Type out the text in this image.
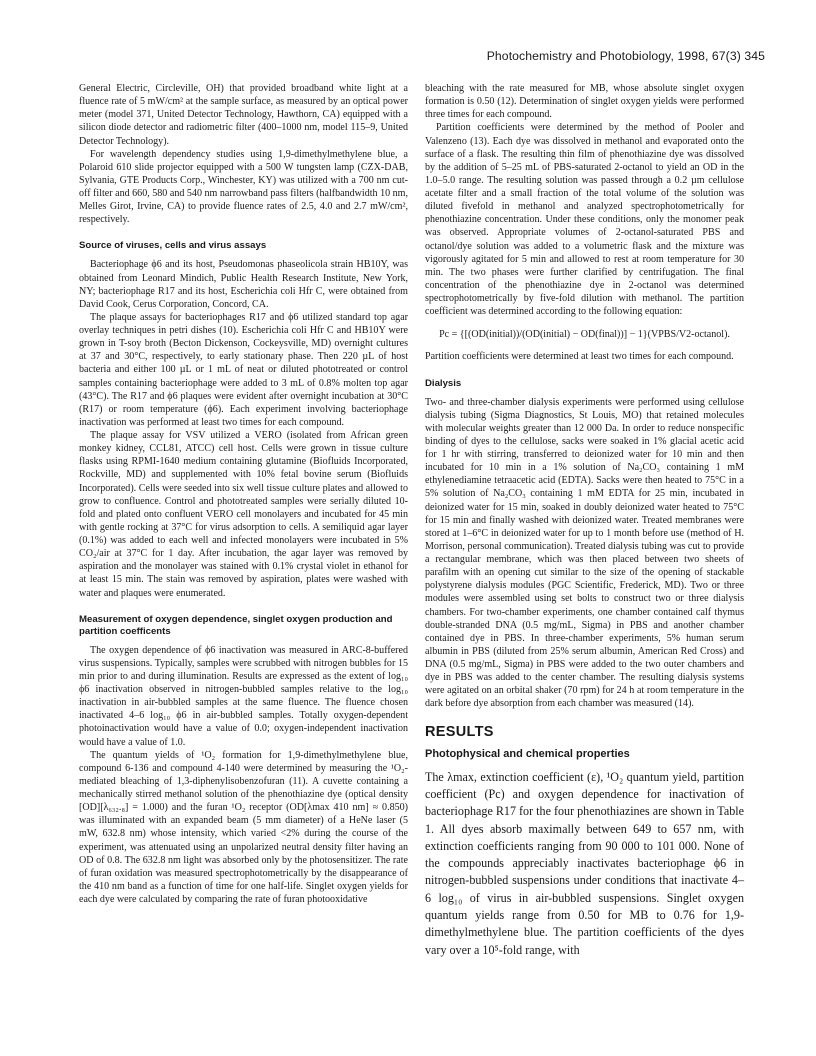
Photochemistry and Photobiology, 1998, 67(3) 345

General Electric, Circleville, OH) that provided broadband white light at a fluence rate of 5 mW/cm² at the sample surface, as measured by an optical power meter (model 371, United Detector Technology, Hawthorn, CA) equipped with a silicon diode detector and radiometric filter (400–1000 nm, model 115–9, United Detector Technology).

For wavelength dependency studies using 1,9-dimethylmethylene blue, a Polaroid 610 slide projector equipped with a 500 W tungsten lamp (CZX-DAB, Sylvania, GTE Products Corp., Winchester, KY) was utilized with a 700 nm cut-off filter and 660, 580 and 540 nm narrowband pass filters (halfbandwidth 10 nm, Melles Girot, Irvine, CA) to provide fluence rates of 2.5, 4.0 and 2.7 mW/cm², respectively.

Source of viruses, cells and virus assays

Bacteriophage ϕ6 and its host, Pseudomonas phaseolicola strain HB10Y, was obtained from Leonard Mindich, Public Health Research Institute, New York, NY; bacteriophage R17 and its host, Escherichia coli Hfr C, were obtained from David Cook, Cerus Corporation, Concord, CA.

The plaque assays for bacteriophages R17 and ϕ6 utilized standard top agar overlay techniques in petri dishes (10). Escherichia coli Hfr C and HB10Y were grown in T-soy broth (Becton Dickenson, Cockeysville, MD) overnight cultures at 37 and 30°C, respectively, to early stationary phase. Then 220 µL of host bacteria and either 100 µL or 1 mL of neat or diluted phototreated or control samples containing bacteriophage were added to 3 mL of 0.8% molten top agar (43°C). The R17 and ϕ6 plaques were evident after overnight incubation at 30°C (R17) or room temperature (ϕ6). Each experiment involving bacteriophage inactivation was performed at least two times for each compound.

The plaque assay for VSV utilized a VERO (isolated from African green monkey kidney, CCL81, ATCC) cell host. Cells were grown in tissue culture flasks using RPMI-1640 medium containing glutamine (Biofluids Incorporated, Rockville, MD) and supplemented with 10% fetal bovine serum (Biofluids Incorporated). Cells were seeded into six well tissue culture plates and allowed to grow to confluence. Control and phototreated samples were serially diluted 10-fold and plated onto confluent VERO cell monolayers and incubated for 45 min with gentle rocking at 37°C for virus adsorption to cells. A semiliquid agar layer (0.1%) was added to each well and infected monolayers were incubated in 5% CO₂/air at 37°C for 1 day. After incubation, the agar layer was removed by aspiration and the monolayer was stained with 0.1% crystal violet in ethanol for at least 15 min. The stain was removed by aspiration, plates were washed with water and plaques were enumerated.

Measurement of oxygen dependence, singlet oxygen production and partition coefficents

The oxygen dependence of ϕ6 inactivation was measured in ARC-8-buffered virus suspensions. Typically, samples were scrubbed with nitrogen bubbles for 15 min prior to and during illumination. Results are expressed as the extent of log₁₀ ϕ6 inactivation observed in nitrogen-bubbled samples relative to the log₁₀ inactivation in air-bubbled samples at the same fluence. The fluence chosen inactivated 4–6 log₁₀ ϕ6 in air-bubbled samples. Totally oxygen-dependent photoinactivation would have a value of 0.0; oxygen-independent inactivation would have a value of 1.0.

The quantum yields of ¹O₂ formation for 1,9-dimethylmethylene blue, compound 6-136 and compound 4-140 were determined by measuring the ¹O₂-mediated bleaching of 1,3-diphenylisobenzofuran (11). A cuvette containing a mechanically stirred methanol solution of the phenothiazine dye (optical density [OD][λ₆₃₂.₈] = 1.000) and the furan ¹O₂ receptor (OD[λmax 410 nm] ≈ 0.850) was illuminated with an expanded beam (5 mm diameter) of a HeNe laser (5 mW, 632.8 nm) whose intensity, which varied <2% during the course of the experiment, was attenuated using an unpolarized neutral density filter having an OD of 0.8. The 632.8 nm light was absorbed only by the photosensitizer. The rate of furan oxidation was measured spectrophotometrically by the disappearance of the 410 nm band as a function of time for one half-life. Singlet oxygen yields for each dye were calculated by comparing the rate of furan photooxidative

bleaching with the rate measured for MB, whose absolute singlet oxygen formation is 0.50 (12). Determination of singlet oxygen yields were performed three times for each compound.

Partition coefficients were determined by the method of Pooler and Valenzeno (13). Each dye was dissolved in methanol and evaporated onto the surface of a flask. The resulting thin film of phenothiazine dye was dissolved by the addition of 5–25 mL of PBS-saturated 2-octanol to yield an OD in the 1.0–5.0 range. The resulting solution was passed through a 0.2 µm cellulose acetate filter and a small fraction of the total volume of the solution was diluted fivefold in methanol and analyzed spectrophotometrically for phenothiazine concentration. Under these conditions, only the monomer peak was observed. Appropriate volumes of 2-octanol-saturated PBS and octanol/dye solution was added to a volumetric flask and the mixture was vigorously agitated for 5 min and allowed to rest at room temperature for 30 min. The two phases were further clarified by centrifugation. The final concentration of the phenothiazine dye in 2-octanol was determined spectrophotometrically by five-fold dilution with methanol. The partition coefficient was determined according to the following equation:

Pc = {[(OD(initial))/(OD(initial) − OD(final))] − 1}(VPBS/V2-octanol).

Partition coefficients were determined at least two times for each compound.

Dialysis

Two- and three-chamber dialysis experiments were performed using cellulose dialysis tubing (Sigma Diagnostics, St Louis, MO) that retained molecules with molecular weights greater than 12 000 Da. In order to reduce nonspecific binding of dyes to the cellulose, sacks were soaked in 1% glacial acetic acid for 1 hr with stirring, transferred to deionized water for 10 min and then incubated for 10 min in a 1% solution of Na₂CO₃ containing 1 mM ethylenediamine tetraacetic acid (EDTA). Sacks were then heated to 75°C in a 5% solution of Na₂CO₃ containing 1 mM EDTA for 25 min, incubated in deionized water for 15 min, soaked in doubly deionized water heated to 75°C for 15 min and finally washed with deionized water. Treated membranes were stored at 1–6°C in deionized water for up to 1 month before use (method of H. Morrison, personal communication). Treated dialysis tubing was cut to provide a rectangular membrane, which was then placed between two sheets of parafilm with an opening cut similar to the size of the opening of stackable polystyrene dialysis modules (PGC Scientific, Frederick, MD). Two or three modules were assembled using set bolts to construct two or three dialysis chambers. For two-chamber experiments, one chamber contained calf thymus double-stranded DNA (0.5 mg/mL, Sigma) in PBS and another chamber contained dye in PBS. In three-chamber experiments, 5% human serum albumin in PBS (diluted from 25% serum albumin, American Red Cross) and DNA (0.5 mg/mL, Sigma) in PBS were added to the two outer chambers and dye in PBS was added to the center chamber. The resulting dialysis systems were agitated on an orbital shaker (70 rpm) for 24 h at room temperature in the dark before dye absorption from each chamber was measured (14).

RESULTS
Photophysical and chemical properties

The λmax, extinction coefficient (ε), ¹O₂ quantum yield, partition coefficient (Pc) and oxygen dependence for inactivation of bacteriophage R17 for the four phenothiazines are shown in Table 1. All dyes absorb maximally between 649 to 657 nm, with extinction coefficients ranging from 90 000 to 101 000. None of the compounds appreciably inactivates bacteriophage ϕ6 in nitrogen-bubbled suspensions under conditions that inactivate 4–6 log₁₀ of virus in air-bubbled suspensions. Singlet oxygen quantum yields range from 0.50 for MB to 0.76 for 1,9-dimethylmethylene blue. The partition coefficients of the dyes vary over a 10⁵-fold range, with
